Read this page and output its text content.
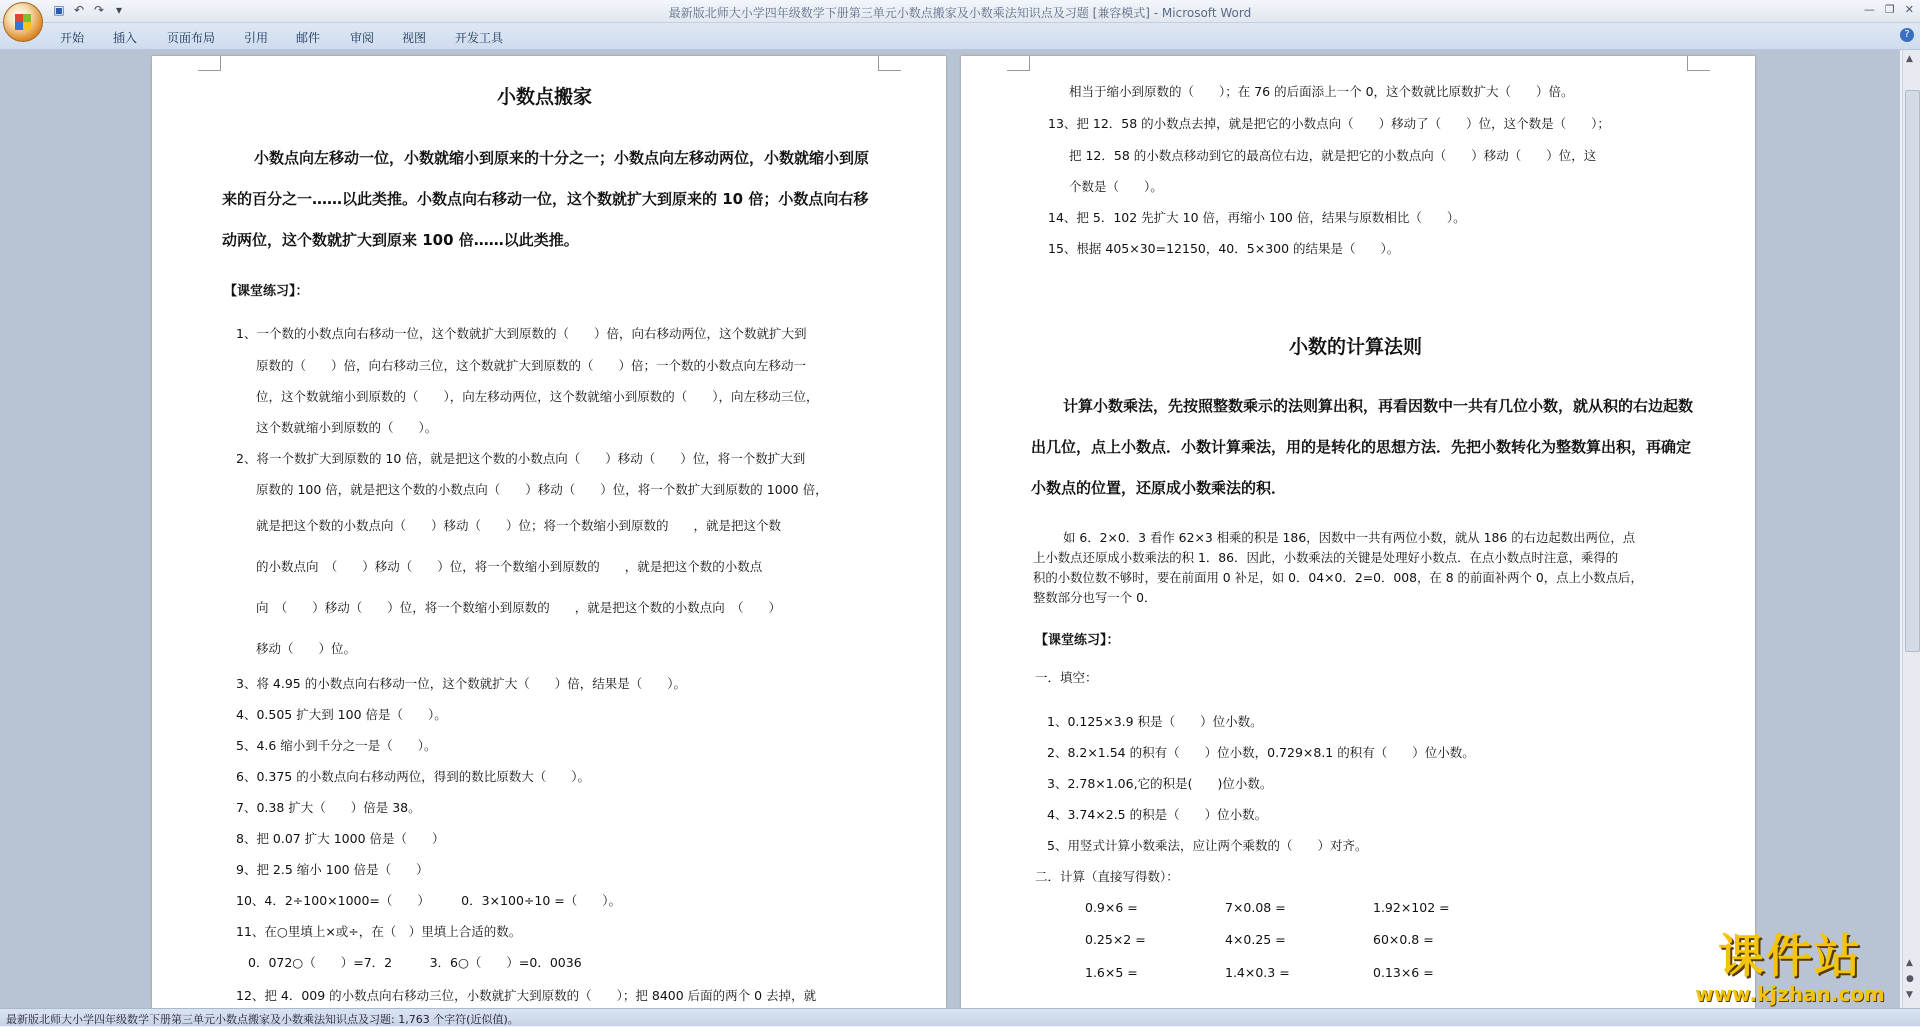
▣ ↶ ↷ ▾	最新版北师大小学四年级数学下册第三单元小数点搬家及小数乘法知识点及习题 [兼容模式] - Microsoft Word	— ❐ ✕
开始 插入 页面布局 引用 邮件 审阅 视图 开发工具	?
小数点搬家
小数点向左移动一位，小数就缩小到原来的十分之一；小数点向左移动两位，小数就缩小到原来的百分之一……以此类推。小数点向右移动一位，这个数就扩大到原来的 10 倍；小数点向右移动两位，这个数就扩大到原来 100 倍……以此类推。
【课堂练习】：
1、一个数的小数点向右移动一位，这个数就扩大到原数的（　　）倍，向右移动两位，这个数就扩大到
原数的（　　）倍，向右移动三位，这个数就扩大到原数的（　　）倍；一个数的小数点向左移动一
位，这个数就缩小到原数的（　　），向左移动两位，这个数就缩小到原数的（　　），向左移动三位，
这个数就缩小到原数的（　　）。
2、将一个数扩大到原数的 10 倍，就是把这个数的小数点向（　　）移动（　　）位，将一个数扩大到
原数的 100 倍，就是把这个数的小数点向（　　）移动（　　）位，将一个数扩大到原数的 1000 倍，
就是把这个数的小数点向（　　）移动（　　）位；将一个数缩小到原数的　　，就是把这个数
的小数点向　（　　）移动（　　）位，将一个数缩小到原数的　　，就是把这个数的小数点
向　（　　）移动（　　）位，将一个数缩小到原数的　　，就是把这个数的小数点向　（　　）
移动（　　）位。
3、将 4.95 的小数点向右移动一位，这个数就扩大（　　）倍，结果是（　　）。
4、0.505 扩大到 100 倍是（　　）。
5、4.6 缩小到千分之一是（　　）。
6、0.375 的小数点向右移动两位，得到的数比原数大（　　）。
7、0.38 扩大（　　）倍是 38。
8、把 0.07 扩大 1000 倍是（　　）
9、把 2.5 缩小 100 倍是（　　）
10、4．2÷100×1000=（　　）　　　0．3×100÷10 =（　　）。
11、在○里填上×或÷，在（　）里填上合适的数。
0．072○（　　）=7．2　　　3．6○（　　）=0．0036
12、把 4．009 的小数点向右移动三位，小数就扩大到原数的（　　）；把 8400 后面的两个 0 去掉，就
相当于缩小到原数的（　　）；在 76 的后面添上一个 0，这个数就比原数扩大（　　）倍。
13、把 12．58 的小数点去掉，就是把它的小数点向（　　）移动了（　　）位，这个数是（　　）；
把 12．58 的小数点移动到它的最高位右边，就是把它的小数点向（　　）移动（　　）位，这
个数是（　　）。
14、把 5．102 先扩大 10 倍，再缩小 100 倍，结果与原数相比（　　）。
15、根据 405×30=12150，40．5×300 的结果是（　　）。
小数的计算法则
计算小数乘法，先按照整数乘示的法则算出积，再看因数中一共有几位小数，就从积的右边起数出几位，点上小数点．小数计算乘法，用的是转化的思想方法．先把小数转化为整数算出积，再确定小数点的位置，还原成小数乘法的积．
如 6．2×0．3 看作 62×3 相乘的积是 186，因数中一共有两位小数，就从 186 的右边起数出两位，点
上小数点还原成小数乘法的积 1．86．因此，小数乘法的关键是处理好小数点．在点小数点时注意，乘得的
积的小数位数不够时，要在前面用 0 补足，如 0．04×0．2=0．008，在 8 的前面补两个 0，点上小数点后，
整数部分也写一个 0．
【课堂练习】：
一．填空：
1、0.125×3.9 积是（　　）位小数。
2、8.2×1.54 的积有（　　）位小数，0.729×8.1 的积有（　　）位小数。
3、2.78×1.06,它的积是(　　)位小数。
4、3.74×2.5 的积是（　　）位小数。
5、用竖式计算小数乘法，应让两个乘数的（　　）对齐。
二．计算（直接写得数）：
0.9×6 =	7×0.08 =	1.92×102 =
0.25×2 =	4×0.25 =	60×0.8 =
1.6×5 =	1.4×0.3 =	0.13×6 =
▲
▲
●
▼
最新版北师大小学四年级数学下册第三单元小数点搬家及小数乘法知识点及习题: 1,763 个字符(近似值)。
课件站
www.kjzhan.com
